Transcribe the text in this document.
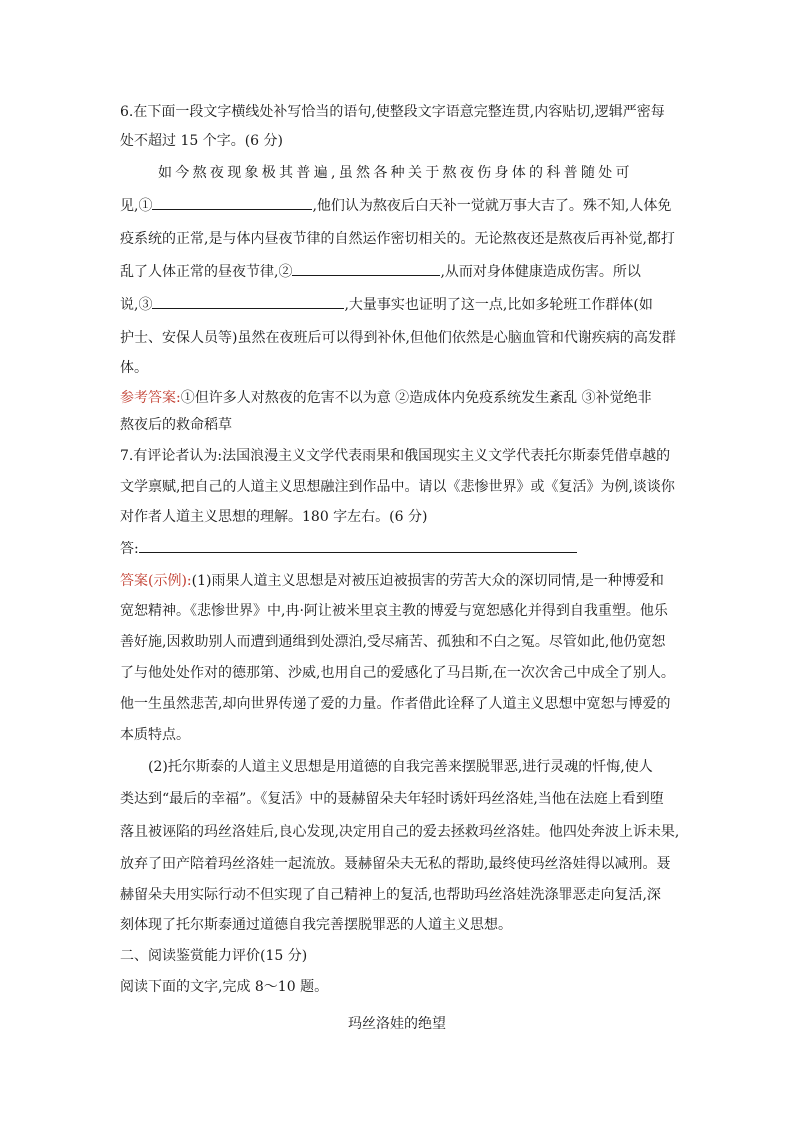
6.在下面一段文字横线处补写恰当的语句,使整段文字语意完整连贯,内容贴切,逻辑严密每
处不超过 15 个字。(6 分)
如今熬夜现象极其普遍,虽然各种关于熬夜伤身体的科普随处可
见,①	,他们认为熬夜后白天补一觉就万事大吉了。殊不知,人体免
疫系统的正常,是与体内昼夜节律的自然运作密切相关的。无论熬夜还是熬夜后再补觉,都打
乱了人体正常的昼夜节律,②	,从而对身体健康造成伤害。所以
说,③	,大量事实也证明了这一点,比如多轮班工作群体(如
护士、安保人员等)虽然在夜班后可以得到补休,但他们依然是心脑血管和代谢疾病的高发群
体。
参考答案:①但许多人对熬夜的危害不以为意 ②造成体内免疫系统发生紊乱 ③补觉绝非
熬夜后的救命稻草
7.有评论者认为:法国浪漫主义文学代表雨果和俄国现实主义文学代表托尔斯泰凭借卓越的
文学禀赋,把自己的人道主义思想融注到作品中。请以《悲惨世界》或《复活》为例,谈谈你
对作者人道主义思想的理解。180 字左右。(6 分)
答:
答案(示例):(1)雨果人道主义思想是对被压迫被损害的劳苦大众的深切同情,是一种博爱和
宽恕精神。《悲惨世界》中,冉·阿让被米里哀主教的博爱与宽恕感化并得到自我重塑。他乐
善好施,因救助别人而遭到通缉到处漂泊,受尽痛苦、孤独和不白之冤。尽管如此,他仍宽恕
了与他处处作对的德那第、沙威,也用自己的爱感化了马吕斯,在一次次舍己中成全了别人。
他一生虽然悲苦,却向世界传递了爱的力量。作者借此诠释了人道主义思想中宽恕与博爱的
本质特点。
(2)托尔斯泰的人道主义思想是用道德的自我完善来摆脱罪恶,进行灵魂的忏悔,使人
类达到“最后的幸福”。《复活》中的聂赫留朵夫年轻时诱奸玛丝洛娃,当他在法庭上看到堕
落且被诬陷的玛丝洛娃后,良心发现,决定用自己的爱去拯救玛丝洛娃。他四处奔波上诉未果,
放弃了田产陪着玛丝洛娃一起流放。聂赫留朵夫无私的帮助,最终使玛丝洛娃得以减刑。聂
赫留朵夫用实际行动不但实现了自己精神上的复活,也帮助玛丝洛娃洗涤罪恶走向复活,深
刻体现了托尔斯泰通过道德自我完善摆脱罪恶的人道主义思想。
二、阅读鉴赏能力评价(15 分)
阅读下面的文字,完成 8～10 题。
玛丝洛娃的绝望
